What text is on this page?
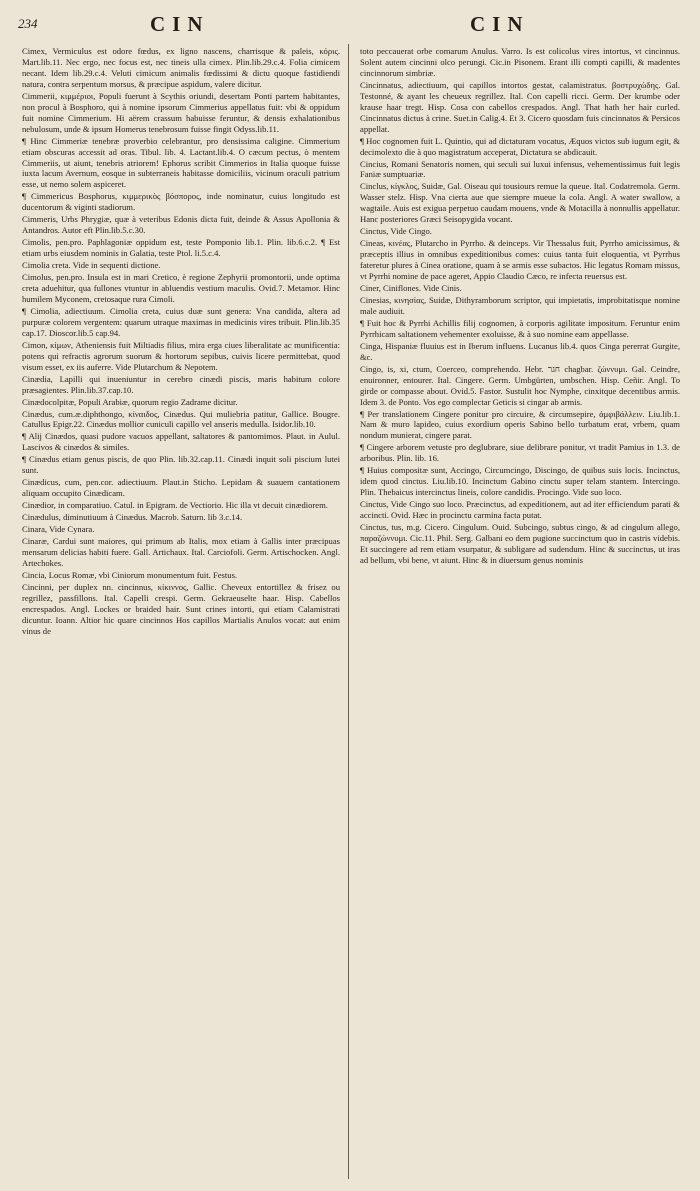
234	CIN	CIN

Cimex, Vermiculus est odore fœdus, ex ligno nascens, charrisque & paleis, κόρις. Mart.lib.11. Nec ergo, nec focus est, nec tineis ulla cimex. Plin.lib.29.c.4. Folia cimicem necant. Idem lib.29.c.4. Veluti cimicum animalis fœdissimi & dictu quoque fastidiendi natura, contra serpentum morsus, & præcipue aspidum, valere dicitur.

Cimmerii, κιμμέριοι, Populi fuerunt à Scythis oriundi, desertam Ponti partem habitantes, non procul à Bosphoro, qui à nomine ipsorum Cimmerius appellatus fuit: vbi & oppidum fuit nomine Cimmerium. Hi aërem crassum habuisse feruntur, & densis exhalationibus nebulosum, unde & ipsum Homerus tenebrosum fuisse fingit Odyss.lib.11.

¶ Hinc Cimmeriæ tenebræ proverbio celebrantur, pro densissima caligine. Cimmerium etiam obscuras accessit ad oras. Tibul. lib. 4. Lactant.lib.4. O cæcum pectus, ò mentem Cimmeriis, ut aiunt, tenebris atriorem! Ephorus scribit Cimmerios in Italia quoque fuisse iuxta lacum Avernum, eosque in subterraneis habitasse domiciliis, vicinum oraculi patrium esse, ut nemo solem aspiceret.

¶ Cimmericus Bosphorus, κιμμερικὸς βόσπορος, inde nominatur, cuius longitudo est ducentorum & viginti stadiorum.

Cimmeris, Urbs Phrygiæ, quæ à veteribus Edonis dicta fuit, deinde & Assus Apollonia & Antandros. Autor eft Plin.lib.5.c.30.

Cimolis, pen.pro. Paphlagoniæ oppidum est, teste Pomponio lib.1. Plin. lib.6.c.2. ¶ Est etiam urbs eiusdem nominis in Galatia, teste Ptol. li.5.c.4.

Cimolia creta. Vide in sequenti dictione.

Cimolus, pen.pro. Insula est in mari Cretico, è regione Zephyrii promontorii, unde optima creta aduehitur, qua fullones vtuntur in abluendis vestium maculis. Ovid.7. Metamor. Hinc humilem Myconem, cretosaque rura Cimoli.

¶ Cimolia, adiectiuum. Cimolia creta, cuius duæ sunt genera: Vna candida, altera ad purpuræ colorem vergentem: quarum utraque maximas in medicinis vires tribuit. Plin.lib.35 cap.17. Dioscor.lib.5 cap.94.

Cimon, κίμων, Atheniensis fuit Miltiadis filius, mira erga ciues liberalitate ac munificentia: potens qui refractis agrorum suorum & hortorum sepibus, cuivis licere permittebat, quod visum esset, ex iis auferre. Vide Plutarchum & Nepotem.

Cinædia, Lapilli qui inueniuntur in cerebro cinædi piscis, maris habitum colore præsagientes. Plin.lib.37.cap.10.

Cinædocolpitæ, Populi Arabiæ, quorum regio Zadrame dicitur.

Cinædus, cum.æ.diphthongo, κίναιδος, Cinædus. Qui muliebria patitur, Gallice. Bougre. Catullus Epigr.22. Cinædus mollior cuniculi capillo vel anseris medulla. Isidor.lib.10.

¶ Alij Cinædos, quasi pudore vacuos appellant, saltatores & pantomimos. Plaut. in Aulul. Lascivos & cinædos & similes.

¶ Cinædus etiam genus piscis, de quo Plin. lib.32.cap.11. Cinædi inquit soli piscium lutei sunt.

Cinædicus, cum, pen.cor. adiectiuum. Plaut.in Sticho. Lepidam & suauem cantationem aliquam occupito Cinædicam.

Cinædior, in comparatiuo. Catul. in Epigram. de Vectiorio. Hic illa vt decuit cinædiorem.

Cinædulus, diminutiuum à Cinædus. Macrob. Saturn. lib 3.c.14.

Cinara, Vide Cynara.

Cinaræ, Cardui sunt maiores, qui primum ab Italis, mox etiam à Gallis inter præcipuas mensarum delicias habiti fuere. Gall. Artichaux. Ital. Carciofoli. Germ. Artischocken. Angl. Artechokes.

Cincia, Locus Romæ, vbi Ciniorum monumentum fuit. Festus.

Cincinni, per duplex nn. cincinnus, κίκιννος, Gallic. Cheveux entortillez & frisez ou regrillez, passfillons. Ital. Capelli crespi. Germ. Gekraeuselte haar. Hisp. Cabellos encrespados. Angl. Lockes or braided hair. Sunt crines intorti, qui etiam Calamistrati dicuntur. Ioann. Altior hic quare cincinnos Hos capillos Martialis Anulos vocat: aut enim vinus de

toto peccauerat orbe comarum Anulus. Varro. Is est colicolus vires intortus, vt cincinnus. Solent autem cincinni olco perungi. Cic.in Pisonem. Erant illi compti capilli, & madentes cincinnorum simbriæ.

Cincinnatus, adiectiuum, qui capillos intortos gestat, calamistratus. βοστρυχώδης. Gal. Testonné, & ayant les cheueux regrillez. Ital. Con capelli ricci. Germ. Der krumbe oder krause haar tregt. Hisp. Cosa con cabellos crespados. Angl. That hath her hair curled. Cincinnatus dictus à crine. Suet.in Calig.4. Et 3. Cicero quosdam fuis cincinnatos & Persicos appellat.

¶ Hoc cognomen fuit L. Quintio, qui ad dictaturam vocatus, Æquos victos sub iugum egit, & decimolexto die à quo magistratum acceperat, Dictatura se abdicauit.

Cincius, Romani Senatoris nomen, qui seculi sui luxui infensus, vehementissimus fuit legis Faniæ sumptuariæ.

Cinclus, κίγκλος, Suidæ, Gal. Oiseau qui tousiours remue la queue. Ital. Codatremola. Germ. Wasser stelz. Hisp. Vna cierta aue que siempre mueue la cola. Angl. A water swallow, a wagtaile. Auis est exigua perpetuo caudam mouens, vnde & Motacilla à nonnullis appellatur. Hanc posteriores Græci Seisopygida vocant.

Cinctus, Vide Cingo.

Cineas, κινέας, Plutarcho in Pyrrho. & deinceps. Vir Thessalus fuit, Pyrrho amicissimus, & præceptis illius in omnibus expeditionibus comes: cuius tanta fuit eloquentia, vt Pyrrhus fateretur plures à Cinea oratione, quam à se armis esse subactos. Hic legatus Romam missus, vt Pyrrhi nomine de pace ageret, Appio Claudio Cæco, re infecta reuersus est.

Ciner, Ciniflones. Vide Cinis.

Cinesias, κινησίας, Suidæ, Dithyramborum scriptor, qui impietatis, improbitatisque nomine male audiuit.

¶ Fuit hoc & Pyrrhi Achillis filij cognomen, à corporis agilitate impositum. Feruntur enim Pyrrhicam saltationem vehementer exoluisse, & à suo nomine eam appellasse.

Cinga, Hispaniæ fluuius est in Iberum influens. Lucanus lib.4. quos Cinga pererrat Gurgite, &c.

Cingo, is, xi, ctum, Coerceo, comprehendo. Hebr. חגר chagbar. ζώννυμι. Gal. Ceindre, enuironner, entourer. Ital. Cingere. Germ. Umbgürten, umbschen. Hisp. Ceñir. Angl. To girde or compasse about. Ovid.5. Fastor. Sustulit hoc Nymphe, cinxitque decentibus armis. Idem 3. de Ponto. Vos ego complectar Geticis si cingar ab armis.

¶ Per translationem Cingere ponitur pro circuire, & circumsepire, ἀμφιβάλλειν. Liu.lib.1. Nam & muro lapideo, cuius exordium operis Sabino bello turbatum erat, vrbem, quam nondum munierat, cingere parat.

¶ Cingere arborem vetuste pro deglubrare, siue delibrare ponitur, vt tradit Pamius in 1.3. de arboribus. Plin. lib. 16.

¶ Huius compositæ sunt, Accingo, Circumcingo, Discingo, de quibus suis locis. Incinctus, idem quod cinctus. Liu.lib.10. Incinctum Gabino cinctu super telam stantem. Intercingo. Plin. Thebaicus intercinctus lineis, colore candidis. Procingo. Vide suo loco.

Cinctus, Vide Cingo suo loco. Præcinctus, ad expeditionem, aut ad iter efficiendum parati & accincti. Ovid. Hæc in procinctu carmina facta putat.

Cinctus, tus, m.g. Cicero. Cingulum. Ouid. Subcingo, subtus cingo, & ad cingulum allego, παραζώννυμι. Cic.11. Phil. Serg. Galbani eo dem pugione succinctum quo in castris videbis. Et succingere ad rem etiam vsurpatur, & subligare ad sudendum. Hinc & succinctus, ut iras ad bellum, vbi bene, vt aiunt. Hinc & in diuersum genus nominis
